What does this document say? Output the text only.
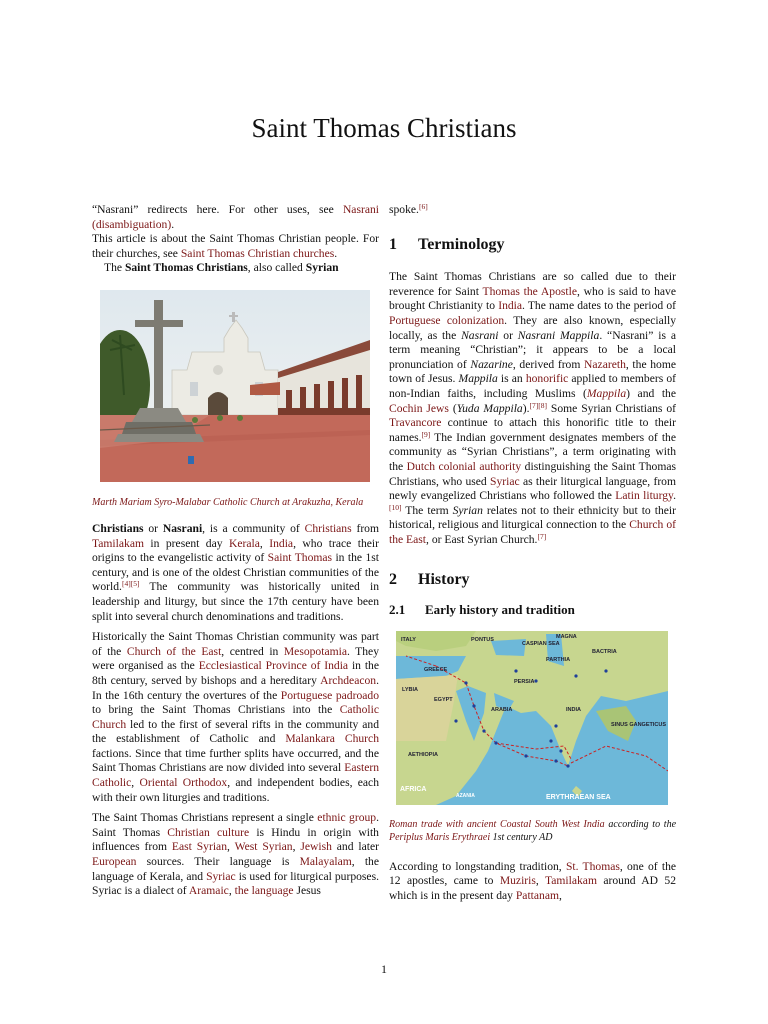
Saint Thomas Christians

“Nasrani” redirects here. For other uses, see Nasrani (disambiguation).
This article is about the Saint Thomas Christian people. For their churches, see Saint Thomas Christian churches.

The Saint Thomas Christians, also called Syrian

Marth Mariam Syro-Malabar Catholic Church at Arakuzha, Kerala

Christians or Nasrani, is a community of Christians from Tamilakam in present day Kerala, India, who trace their origins to the evangelistic activity of Saint Thomas in the 1st century, and is one of the oldest Christian communities of the world.[4][5] The community was historically united in leadership and liturgy, but since the 17th century have been split into several church denominations and traditions.

Historically the Saint Thomas Christian community was part of the Church of the East, centred in Mesopotamia. They were organised as the Ecclesiastical Province of India in the 8th century, served by bishops and a hereditary Archdeacon. In the 16th century the overtures of the Portuguese padroado to bring the Saint Thomas Christians into the Catholic Church led to the first of several rifts in the community and the establishment of Catholic and Malankara Church factions. Since that time further splits have occurred, and the Saint Thomas Christians are now divided into several Eastern Catholic, Oriental Orthodox, and independent bodies, each with their own liturgies and traditions.

The Saint Thomas Christians represent a single ethnic group. Saint Thomas Christian culture is Hindu in origin with influences from East Syrian, West Syrian, Jewish and later European sources. Their language is Malayalam, the language of Kerala, and Syriac is used for liturgical purposes. Syriac is a dialect of Aramaic, the language Jesus

spoke.[6]

1	Terminology

The Saint Thomas Christians are so called due to their reverence for Saint Thomas the Apostle, who is said to have brought Christianity to India. The name dates to the period of Portuguese colonization. They are also known, especially locally, as the Nasrani or Nasrani Mappila. “Nasrani” is a term meaning “Christian”; it appears to be a local pronunciation of Nazarine, derived from Nazareth, the home town of Jesus. Mappila is an honorific applied to members of non-Indian faiths, including Muslims (Mappila) and the Cochin Jews (Yuda Mappila).[7][8] Some Syrian Christians of Travancore continue to attach this honorific title to their names.[9] The Indian government designates members of the community as “Syrian Christians”, a term originating with the Dutch colonial authority distinguishing the Saint Thomas Christians, who used Syriac as their liturgical language, from newly evangelized Christians who followed the Latin liturgy.[10] The term Syrian relates not to their ethnicity but to their historical, religious and liturgical connection to the Church of the East, or East Syrian Church.[7]

2	History
2.1	Early history and tradition
ITALY
GREECE
PONTUS
CASPIAN SEA
MAGNA
BACTRIA
PARTHIA
PERSIA
ARABIA
EGYPT
LYBIA
INDIA
AETHIOPIA
SINUS GANGETICUS
AFRICA
AZANIA	ERYTHRAEAN SEA

Roman trade with ancient Coastal South West India according to the Periplus Maris Erythraei 1st century AD

According to longstanding tradition, St. Thomas, one of the 12 apostles, came to Muziris, Tamilakam around AD 52 which is in the present day Pattanam,

1
